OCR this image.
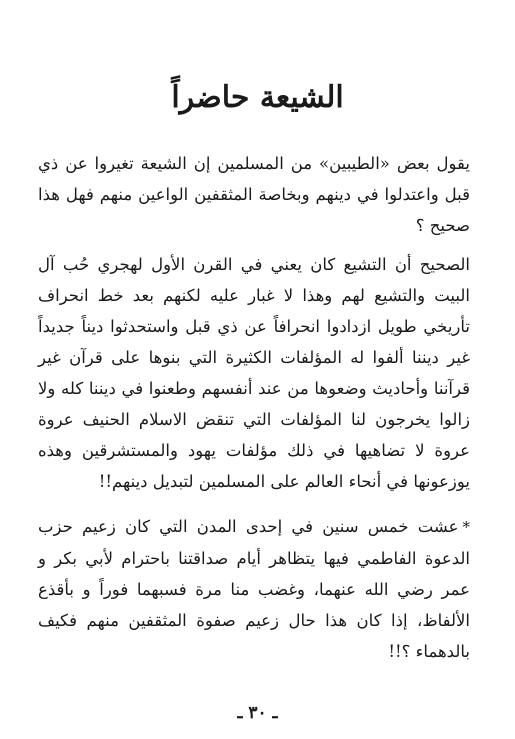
الشيعة حاضراً

يقول بعض «الطيبين» من المسلمين إن الشيعة تغيروا عن ذي قبل واعتدلوا في دينهم وبخاصة المثقفين الواعين منهم فهل هذا صحيح ؟

الصحيح أن التشيع كان يعني في القرن الأول لهجري حُب آل البيت والتشيع لهم وهذا لا غبار عليه لكنهم بعد خط انحراف تأريخي طويل ازدادوا انحرافاً عن ذي قبل واستحدثوا ديناً جديداً غير ديننا ألفوا له المؤلفات الكثيرة التي بنوها على قرآن غير قرآننا وأحاديث وضعوها من عند أنفسهم وطعنوا في ديننا كله ولا زالوا يخرجون لنا المؤلفات التي تنقض الاسلام الحنيف عروة عروة لا تضاهيها في ذلك مؤلفات يهود والمستشرقين وهذه يوزعونها في أنحاء العالم على المسلمين لتبديل دينهم!!

*عشت خمس سنين في إحدى المدن التي كان زعيم حزب الدعوة الفاطمي فيها يتظاهر أيام صداقتنا باحترام لأبي بكر و عمر رضي الله عنهما، وغضب منا مرة فسبهما فوراً و بأقذع الألفاظ، إذا كان هذا حال زعيم صفوة المثقفين منهم فكيف بالدهماء ؟!!

ـ ٣٠ ـ
